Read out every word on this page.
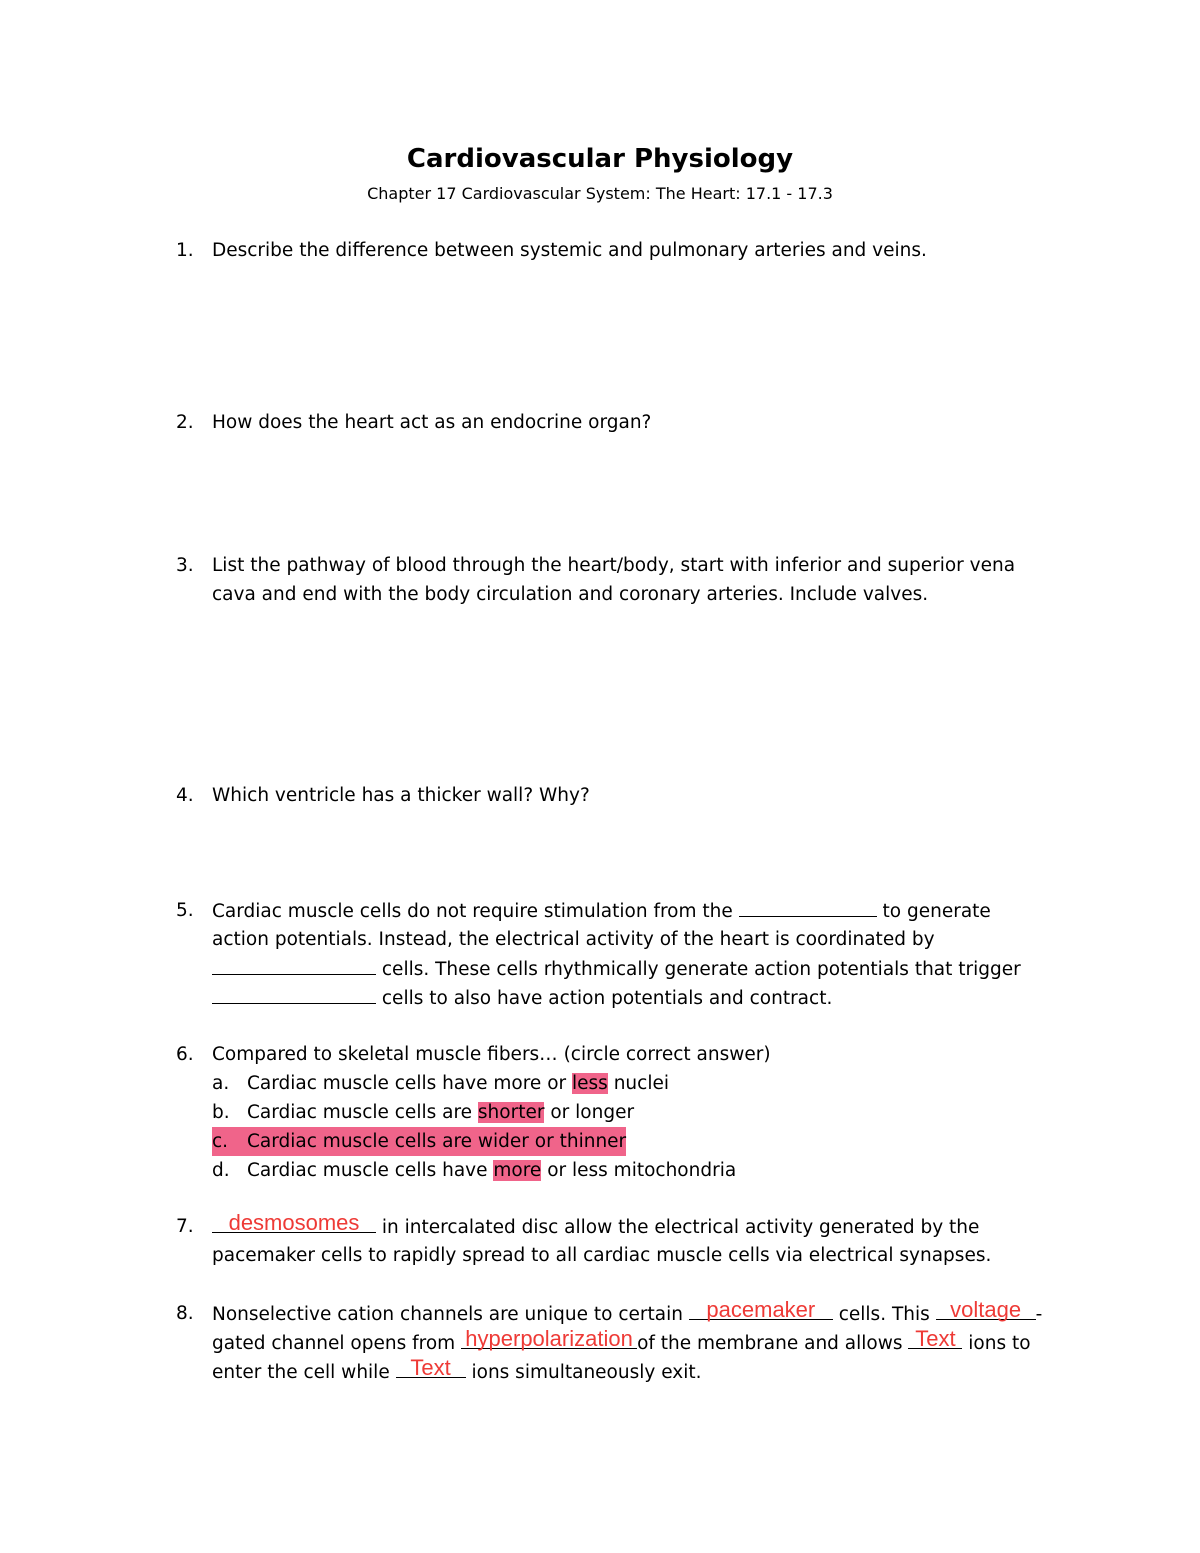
Cardiovascular Physiology
Chapter 17 Cardiovascular System: The Heart: 17.1 - 17.3
1. Describe the difference between systemic and pulmonary arteries and veins.
2. How does the heart act as an endocrine organ?
3. List the pathway of blood through the heart/body, start with inferior and superior vena
cava and end with the body circulation and coronary arteries. Include valves.
4. Which ventricle has a thicker wall? Why?
5. Cardiac muscle cells do not require stimulation from the	to generate
action potentials. Instead, the electrical activity of the heart is coordinated by
cells. These cells rhythmically generate action potentials that trigger
cells to also have action potentials and contract.
6. Compared to skeletal muscle fibers… (circle correct answer)
a. Cardiac muscle cells have more or less nuclei
b. Cardiac muscle cells are shorter or longer
c.	Cardiac muscle cells are wider or thinner
d. Cardiac muscle cells have more or less mitochondria
7.	desmosomes	in intercalated disc allow the electrical activity generated by the
pacemaker cells to rapidly spread to all cardiac muscle cells via electrical synapses.
8. Nonselective cation channels are unique to certain	pacemaker	cells. This voltage -
gated channel opens from hyperpolarization of the membrane and allows Text ions to
enter the cell while Text	ions simultaneously exit.
